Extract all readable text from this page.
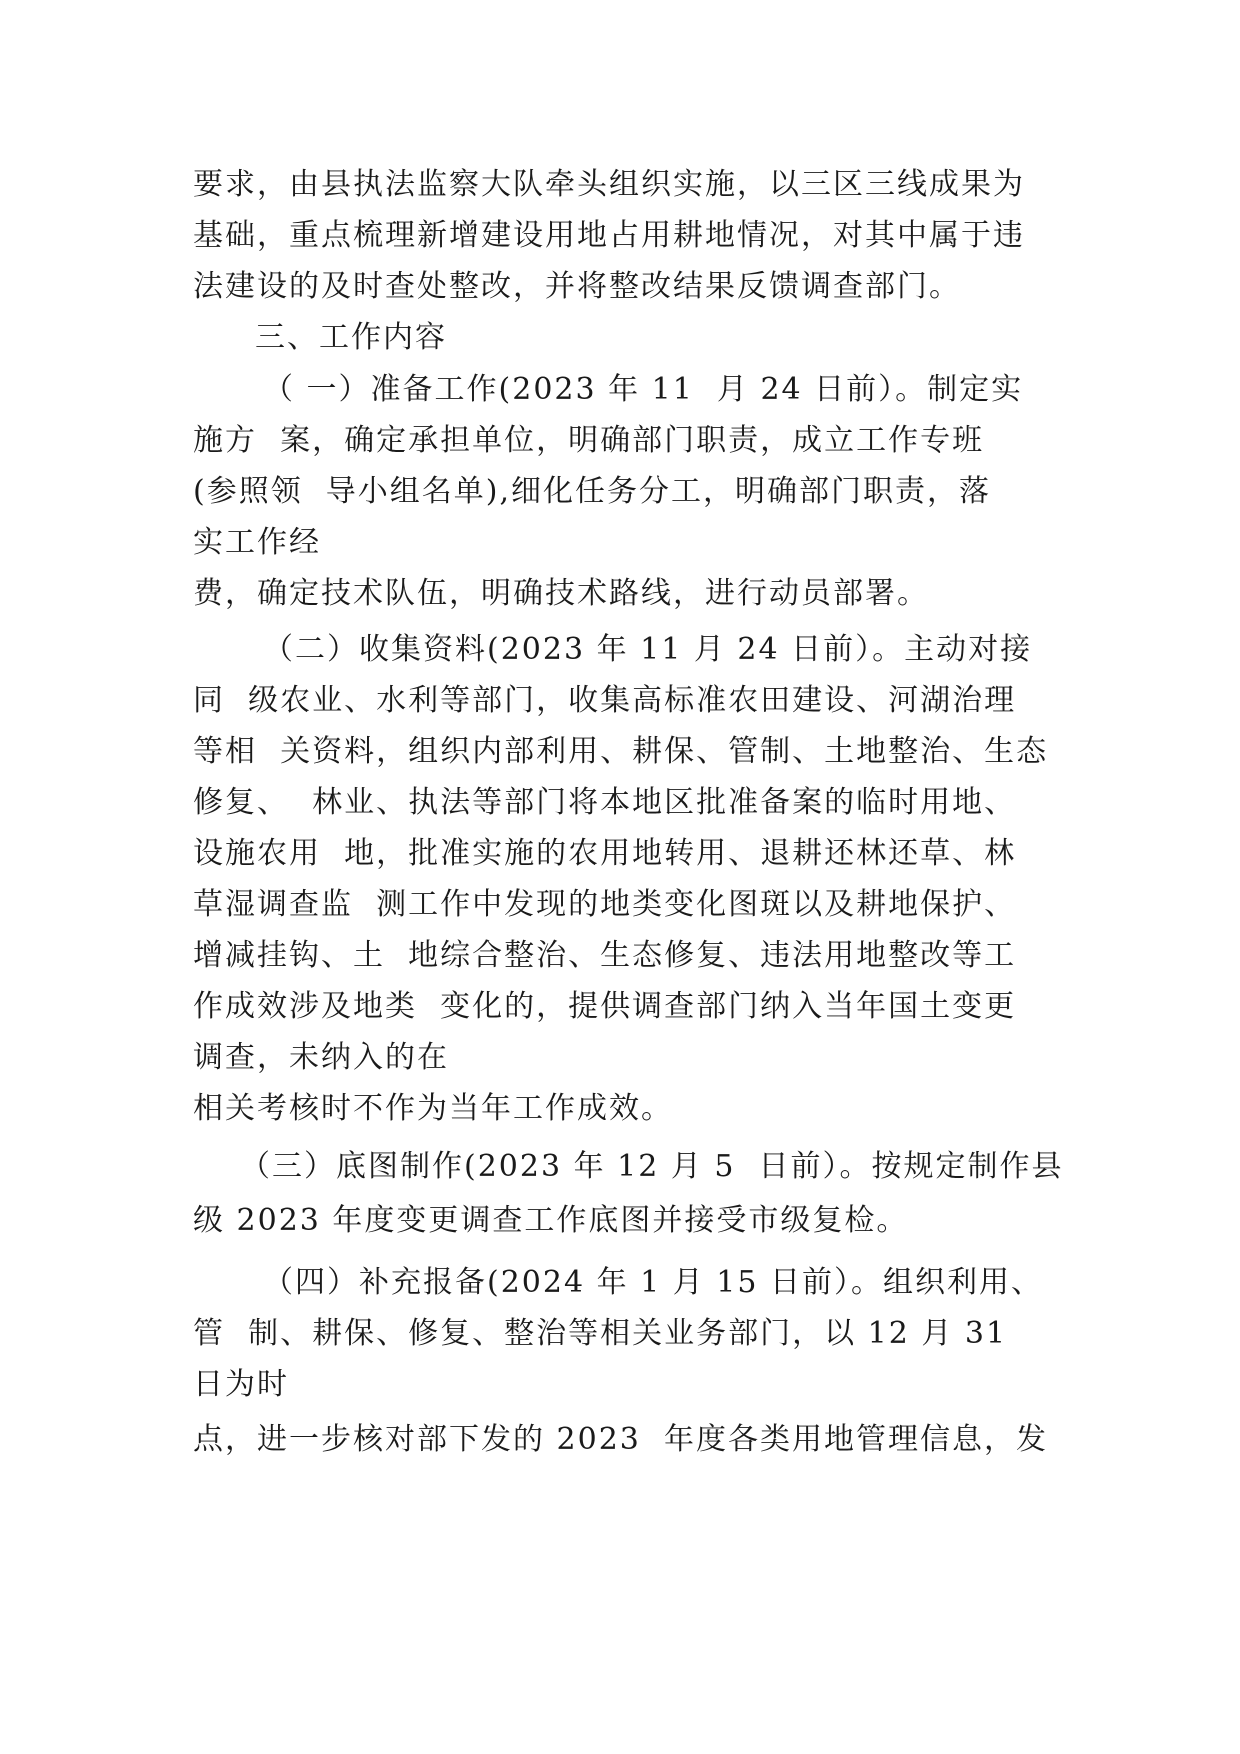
要求，由县执法监察大队牵头组织实施，以三区三线成果为
基础，重点梳理新增建设用地占用耕地情况，对其中属于违
法建设的及时查处整改，并将整改结果反馈调查部门。
三、工作内容
（ 一）准备工作(2023 年 11  月 24 日前）。制定实
施方  案，确定承担单位，明确部门职责，成立工作专班
(参照领  导小组名单),细化任务分工，明确部门职责，落
实工作经
费，确定技术队伍，明确技术路线，进行动员部署。
（二）收集资料(2023 年 11 月 24 日前）。主动对接
同  级农业、水利等部门，收集高标准农田建设、河湖治理
等相  关资料，组织内部利用、耕保、管制、土地整治、生态
修复、  林业、执法等部门将本地区批准备案的临时用地、
设施农用  地，批准实施的农用地转用、退耕还林还草、林
草湿调查监  测工作中发现的地类变化图斑以及耕地保护、
增减挂钩、土  地综合整治、生态修复、违法用地整改等工
作成效涉及地类  变化的，提供调查部门纳入当年国土变更
调查，未纳入的在
相关考核时不作为当年工作成效。
（三）底图制作(2023 年 12 月 5  日前）。按规定制作县
级 2023 年度变更调查工作底图并接受市级复检。
（四）补充报备(2024 年 1 月 15 日前）。组织利用、
管  制、耕保、修复、整治等相关业务部门，以 12 月 31
日为时
点，进一步核对部下发的 2023  年度各类用地管理信息，发
